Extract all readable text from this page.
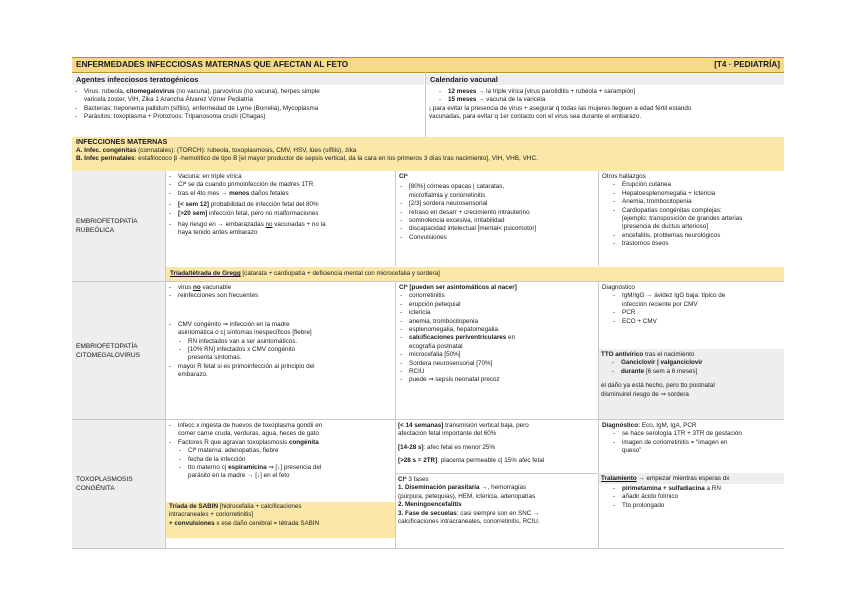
ENFERMEDADES INFECCIOSAS MATERNAS QUE AFECTAN AL FETO	[T4 · PEDIATRÍA]
Agentes infecciosos teratogénicos	Calendario vacunal
- Virus: rubeola, citomegalovirus (no vacuna), parvovirus (no vacuna), herpes simple
varicela zoster, VIH, Zika 1 Arancha Álvarez Vizner Pediatría
- Bacterias: treponema pallidum (sífilis), enfermedad de Lyme (Borrelia), Mycoplasma
- Parásitos: toxoplasma + Protozoos: Tripanosoma cruzii (Chagas)
- 12 meses → la triple vírica [virus parotiditis + rubéola + sarampión]
- 15 meses → vacuna de la varicela

¡ para evitar la presencia de virus + asegurar q todas las mujeres lleguen a edad fértil estando

vacunadas, para evitar q 1er contacto con el virus sea durante el embarazo.

INFECCIONES MATERNAS
A. Infec. congénitas (connatales): (TORCH): rubeola, toxoplasmosis, CMV, HSV, lúes (sífilis), zika
B. Infec perinatales: estafilococo β -hemolítico de tipo B [el mayor productor de sepsis vertical, da la cara en los primeros 3 días tras nacimiento], VIH, VHB, VHC.
EMBRIOFETOPATÍA RUBEÓLICA
- Vacuna: en triple vírica
- Clª se da cuando primoinfección de madres 1TR
- tras el 4to mes → menos daños fetales
- [< sem 12] probabilidad de infección fetal del 80%
- [>20 sem] infección fetal, pero no malformaciones
- hay riesgo en → embarazadas no vacunadas + no la
haya tenido antes embarazo

Clª

- [80%] córneas opacas | cataratas,
microftalmia y coriorretinitis
- [2/3] sordera neurosensorial
- retraso en desarr + crecimiento intrauterino
- somnolencia excesiva, irritabilidad
- discapacidad intelectual [mental< psicomotor]
- Convulsiones

Otros hallazgos

- Erupción cutánea
- Hepatoesplenomegalia + Ictericia
- Anemia, trombocitopenia
- Cardiopatías congénitas complejas:
[ejemplo: transposición de grandes arterias
|presencia de ductus arterioso]
- encefalitis, problemas neurológicos
- trastornos óseos
Tríada/tétrada de Gregg [catarata + cardiopatía + deficiencia mental con microcefalia y sordera]
EMBRIOFETOPATÍA
CITOMEGALOVIRUS
- virus no vacunable
- reinfecciones son frecuentes
- CMV congénito ⇒ infección en la madre
asintomática ó c| síntomas inespecíficos [fiebre]
- RN infectados van a ser asintomáticos.
- [10% RN] infectados x CMV congénito
presenta síntomas.
- mayor R fetal si es primoinfección al principio del
embarazo.

Clª [pueden ser asintomáticos al nacer]

- coriorretinitis
- erupción petequial
- ictericia
- anemia, trombocitopenia
- esplenomegalia, hepatomegalia.
- calcificaciones periventriculares en
ecografía postnatal
- microcefalia [50%]
- Sordera neurosensorial [70%]
- RCIU
- puede ⇒ sepsis neonatal precoz

Diagnóstico

- IgM/IgG → ávidez IgG baja: típico de
infección reciente por CMV
- PCR
- ECO + CMV

TTO antivírico tras el nacimiento

- Ganciclovir | valganciclovir
- durante [6 sem a 6 meses]

el daño ya está hecho, pero tto postnatal

disminuirel riesgo de ⇒ sordera

TOXOPLASMOSIS
CONGÉNITA
- infecc x ingesta de huevos de toxoplasma gondii en
comer carne cruda, verduras, agua, heces de gato
- Factores R que agravan toxoplasmosis congénita
- Clª materna: adenopatías, fiebre
- fecha de la infección
- tto materno c| espiramicina ⇒ [↓] presencia del
parásito en la madre → [↓] en el feto

Tríada de SABIN [hidrocefalia + calcificaciones

intracraneales + coriorretinitis]

+ convulsiones x ese daño cerebral = tétrada SABIN

[< 14 semanas] transmisión vertical baja, pero

afectación fetal importante del 60%

[14-28 s]: afec fetal es menor 25%

[>28 s = 2TR]: placenta permeable c| 15% afec fetal

Clª 3 fases

1. Diseminación parasitaria →, hemorragias

(púrpura, petequias), HEM, ictericia, adenopatías

2. Meningoencefalitis

3. Fase de secuelas: casi siempre son en SNC →

calcificaciones intracraneales, coriorretinitis, RCIU.

Diagnóstico: Eco, IgM, IgA, PCR

- se hace serología 1TR + 3TR de gestación
- imagen de coriorretinitis = “imagen en
queso”
Tratamiento → empezar mientras esperas dx
- pirimetamina + sulfadiacina a RN
- añadir ácido folínico
- Tto prolongado
